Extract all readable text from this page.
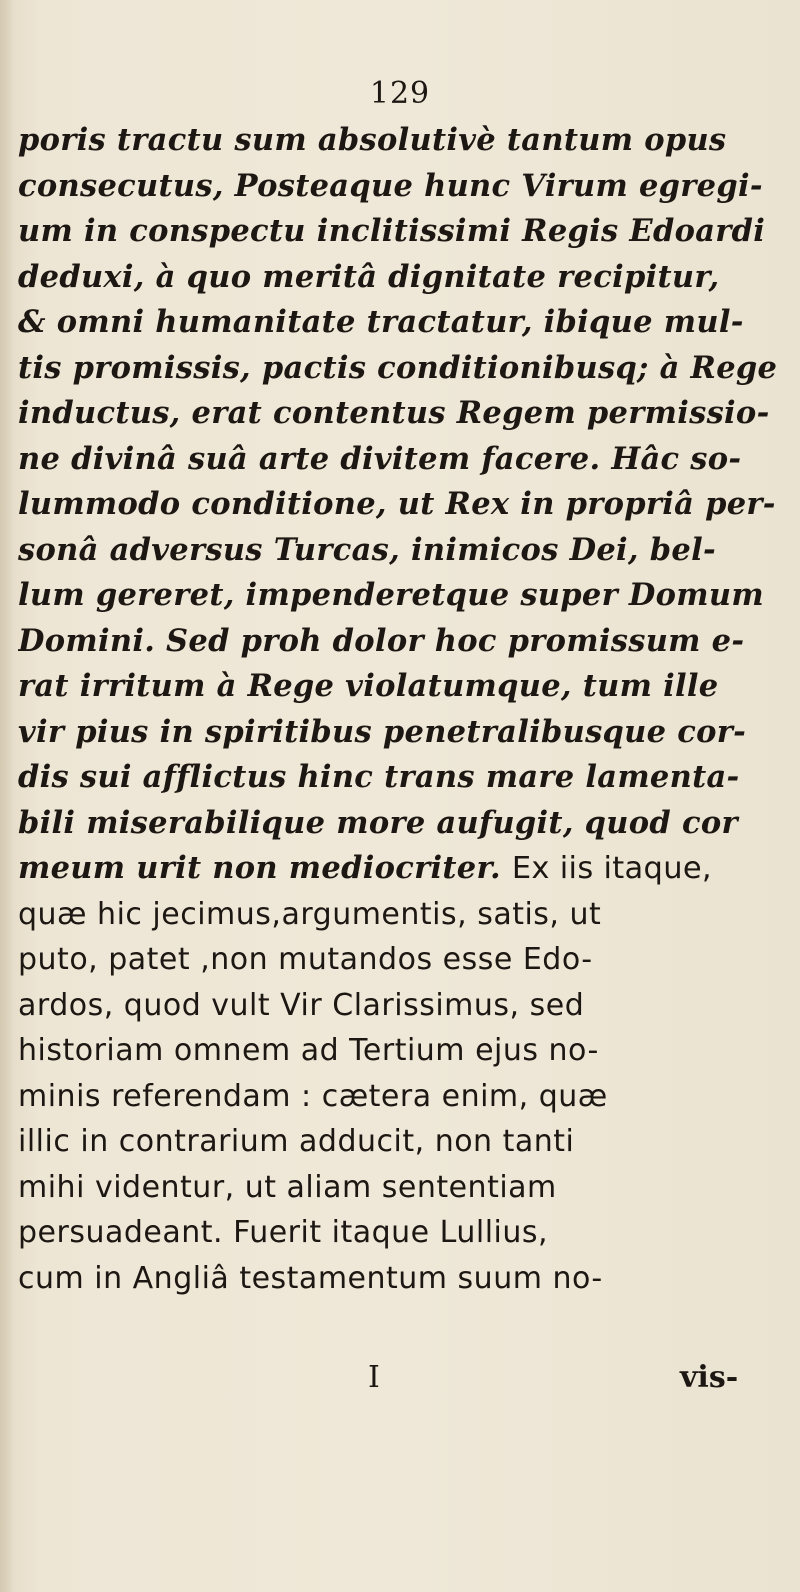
129
poris tractu sum absolutivè tantum opus
consecutus, Posteaque hunc Virum egregi-
um in conspectu inclitissimi Regis Edoardi
deduxi, à quo meritâ dignitate recipitur,
& omni humanitate tractatur, ibique mul-
tis promissis, pactis conditionibusq; à Rege
inductus, erat contentus Regem permissio-
ne divinâ suâ arte divitem facere. Hâc so-
lummodo conditione, ut Rex in propriâ per-
sonâ adversus Turcas, inimicos Dei, bel-
lum gereret, impenderetque super Domum
Domini. Sed proh dolor hoc promissum e-
rat irritum à Rege violatumque, tum ille
vir pius in spiritibus penetralibusque cor-
dis sui afflictus hinc trans mare lamenta-
bili miserabilique more aufugit, quod cor
meum urit non mediocriter. Ex iis itaque,
quæ hic jecimus,argumentis, satis, ut
puto, patet ,non mutandos esse Edo-
ardos, quod vult Vir Clarissimus, sed
historiam omnem ad Tertium ejus no-
minis referendam : cætera enim, quæ
illic in contrarium adducit, non tanti
mihi videntur, ut aliam sententiam
persuadeant. Fuerit itaque Lullius,
cum in Angliâ testamentum suum no-
I	vis-
